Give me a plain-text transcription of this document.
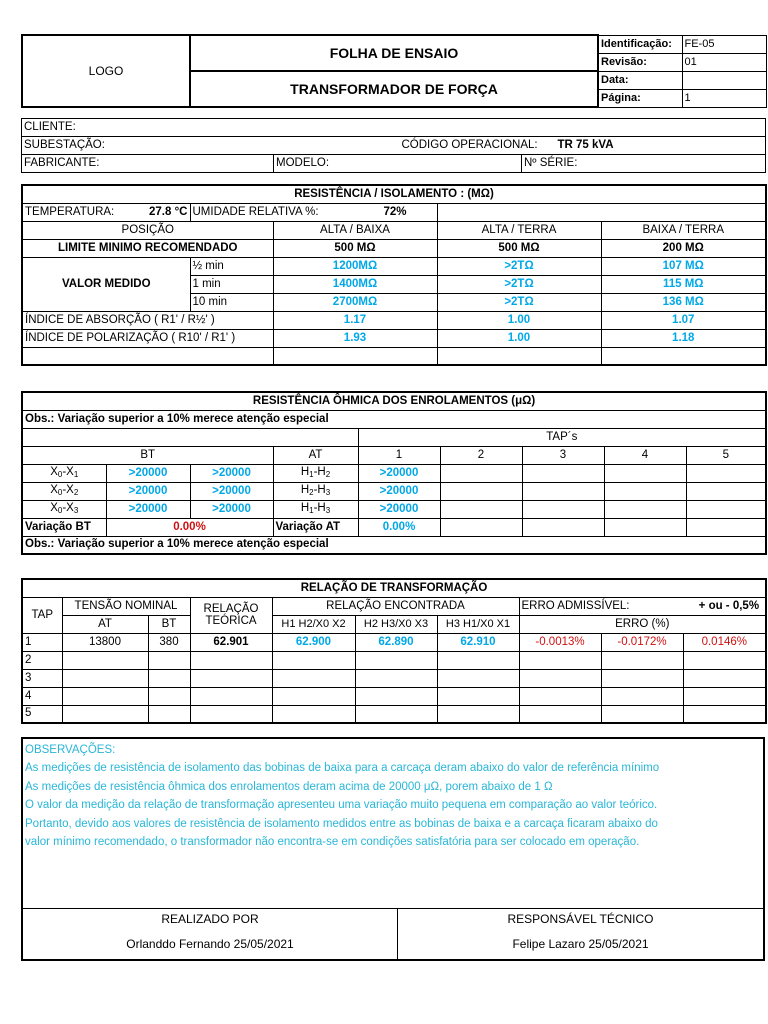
LOGO	FOLHA DE ENSAIO	Identificação:	FE-05
		Revisão:	01
	TRANSFORMADOR DE FORÇA	Data:	
		Página:	1
CLIENTE:		
SUBESTAÇÃO:		CÓDIGO OPERACIONAL: TR 75 kVA

FABRICANTE:	MODELO:	Nº SÉRIE:
RESISTÊNCIA / ISOLAMENTO : (MΩ)				
TEMPERATURA: 27.8 °C	UMIDADE RELATIVA %: 72%			

POSIÇÃO		ALTA / BAIXA	ALTA / TERRA	BAIXA / TERRA
LIMITE MINIMO RECOMENDADO		500 MΩ	500 MΩ	200 MΩ
VALOR MEDIDO	½ min	1200MΩ	>2TΩ	107 MΩ
	1 min	1400MΩ	>2TΩ	115 MΩ
	10 min	2700MΩ	>2TΩ	136 MΩ
ÍNDICE DE ABSORÇÃO ( R1' / R½' )		1.17	1.00	1.07
ÍNDICE DE POLARIZAÇÃO ( R10' / R1' )		1.93	1.00	1.18

RESISTÊNCIA ÔHMICA DOS ENROLAMENTOS (μΩ)								
Obs.: Variação superior a 10% merece atenção especial								
				TAP´s				
BT			AT	1	2	3	4	5
$X_0-X_1$	>20000	>20000	$H_1-H_2$	>20000				
$X_0-X_2$	>20000	>20000	$H_2-H_3$	>20000				
$X_0-X_3$	>20000	>20000	$H_1-H_3$	>20000				
Variação BT	0.00%		Variação AT	0.00%				
Obs.: Variação superior a 10% merece atenção especial								
RELAÇÃO DE TRANSFORMAÇÃO									
TAP	TENSÃO NOMINAL		RELAÇÃO TEÓRICA	RELAÇÃO ENCONTRADA			ERRO ADMISSÍVEL: + ou - 0,5%		

	AT	BT		H1 H2/X0 X2	H2 H3/X0 X3	H3 H1/X0 X1	ERRO (%)		
1	13800	380	62.901	62.900	62.890	62.910	-0.0013%	-0.0172%	0.0146%
2									
3									
4									
5									
OBSERVAÇÕES:
As medições de resistência de isolamento das bobinas de baixa para a carcaça deram abaixo do valor de referência mínimo
As medições de resistência ôhmica dos enrolamentos deram acima de 20000 μΩ, porem abaixo de 1 Ω
O valor da medição da relação de transformação apresenteu uma variação muito pequena em comparação ao valor teórico.
Portanto, devido aos valores de resistência de isolamento medidos entre as bobinas de baixa e a carcaça ficaram abaixo do
valor mínimo recomendado, o transformador não encontra-se em condições satisfatória para ser colocado em operação.
REALIZADO POR
Orlanddo Fernando 25/05/2021
RESPONSÁVEL TÉCNICO
Felipe Lazaro 25/05/2021
